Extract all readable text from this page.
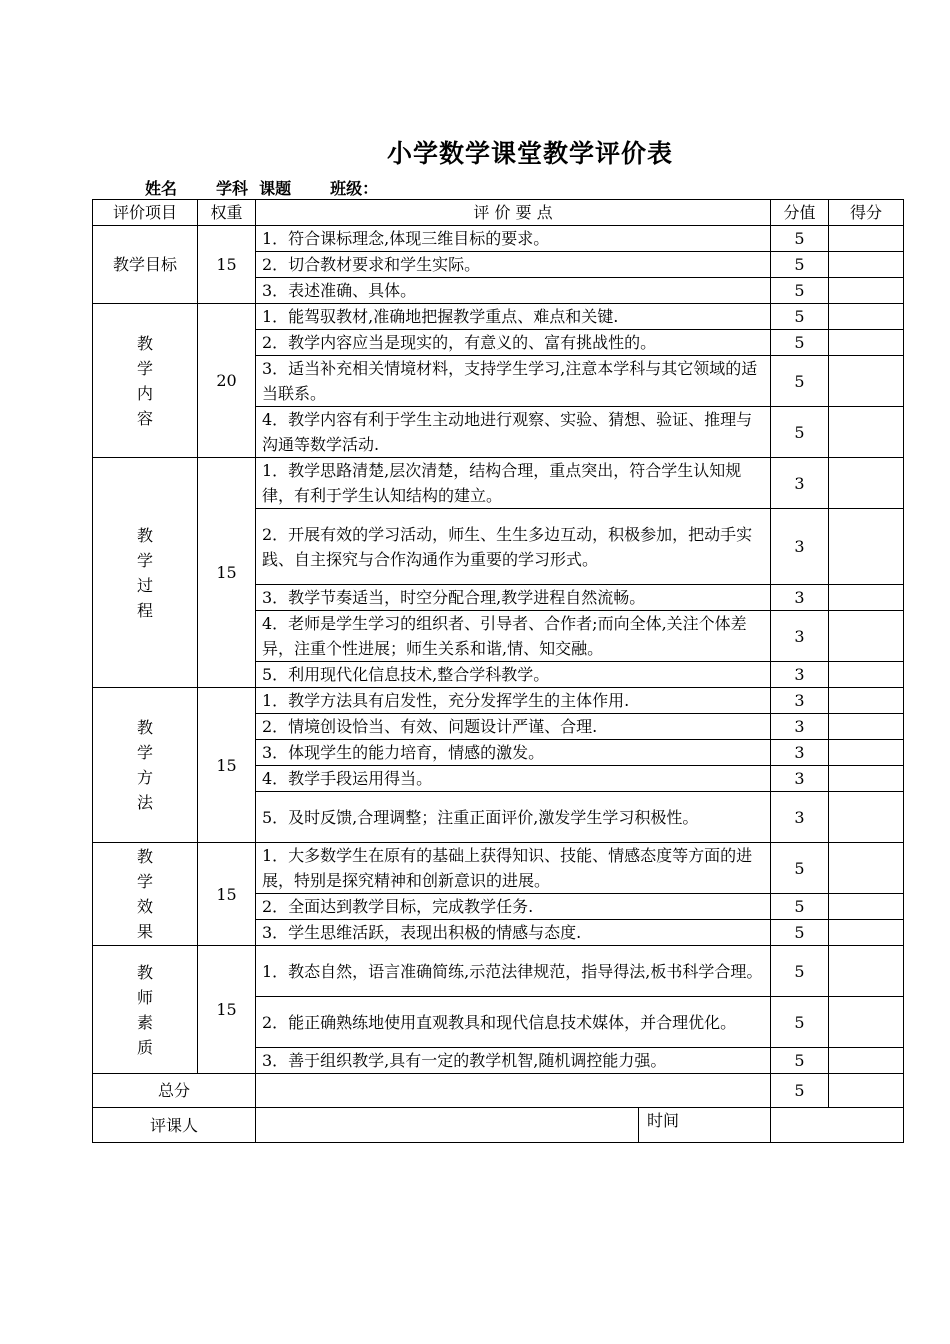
小学数学课堂教学评价表
姓名       学科  课题       班级：
评价项目	权重	评 价 要 点	分值	得分
教学目标	15	1．符合课标理念,体现三维目标的要求。	5	
		2．切合教材要求和学生实际。	5	
		3．表述准确、具体。	5	

教
学
内
容	20	1．能驾驭教材,准确地把握教学重点、难点和关键.	5	
		2．教学内容应当是现实的，有意义的、富有挑战性的。	5	
		3．适当补充相关情境材料，支持学生学习,注意本学科与其它领域的适当联系。	5	
		4．教学内容有利于学生主动地进行观察、实验、猜想、验证、推理与沟通等数学活动.	5	

教
学
过
程	15	1．教学思路清楚,层次清楚，结构合理，重点突出，符合学生认知规律，有利于学生认知结构的建立。	3	
		2．开展有效的学习活动，师生、生生多边互动，积极参加，把动手实践、自主探究与合作沟通作为重要的学习形式。	3	
		3．教学节奏适当，时空分配合理,教学进程自然流畅。	3	
		4．老师是学生学习的组织者、引导者、合作者;而向全体,关注个体差异，注重个性进展；师生关系和谐,情、知交融。	3	
		5．利用现代化信息技术,整合学科教学。	3	

教
学
方
法	15	1．教学方法具有启发性，充分发挥学生的主体作用.	3	
		2．情境创设恰当、有效、问题设计严谨、合理.	3	
		3．体现学生的能力培育，情感的激发。	3	
		4．教学手段运用得当。	3	
		5．及时反馈,合理调整；注重正面评价,激发学生学习积极性。	3	

教
学
效
果	15	1．大多数学生在原有的基础上获得知识、技能、情感态度等方面的进展，特别是探究精神和创新意识的进展。	5	
		2．全面达到教学目标，完成教学任务.	5	
		3．学生思维活跃，表现出积极的情感与态度.	5	

教
师
素
质	15	1．教态自然，语言准确简练,示范法律规范，指导得法,板书科学合理。	5	
		2．能正确熟练地使用直观教具和现代信息技术媒体，并合理优化。	5	
		3．善于组织教学,具有一定的教学机智,随机调控能力强。	5	
总分			5	
评课人		时间		
